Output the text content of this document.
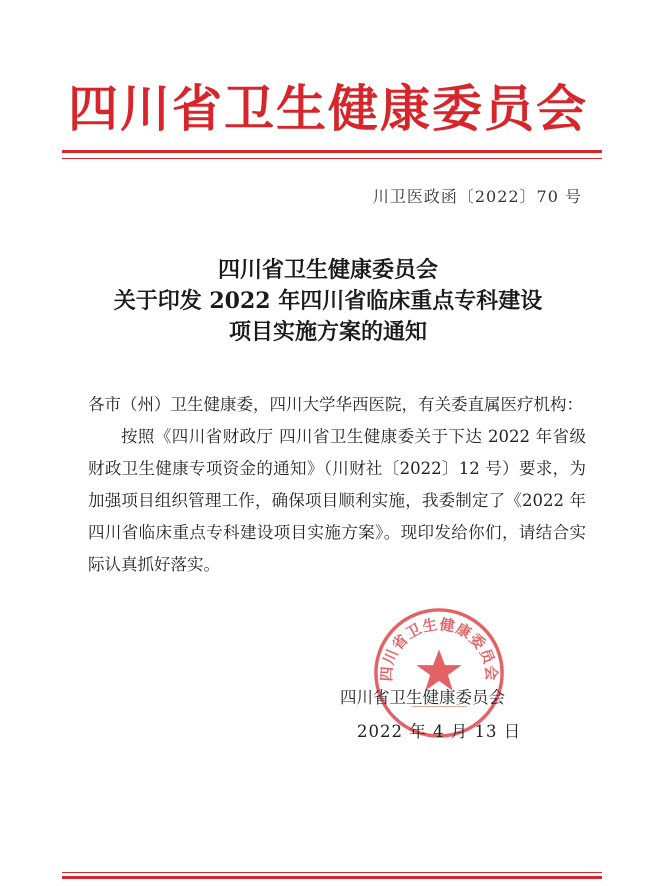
四川省卫生健康委员会
川卫医政函〔2022〕70 号
四川省卫生健康委员会
关于印发 2022 年四川省临床重点专科建设
项目实施方案的通知
各市（州）卫生健康委，四川大学华西医院，有关委直属医疗机构：
按照《四川省财政厅 四川省卫生健康委关于下达 2022 年省级财政卫生健康专项资金的通知》（川财社〔2022〕12 号）要求，为加强项目组织管理工作，确保项目顺利实施，我委制定了《2022 年四川省临床重点专科建设项目实施方案》。现印发给你们，请结合实际认真抓好落实。
四川省卫生健康委员会
四川省卫生健康委员会
2022 年 4 月 13 日
